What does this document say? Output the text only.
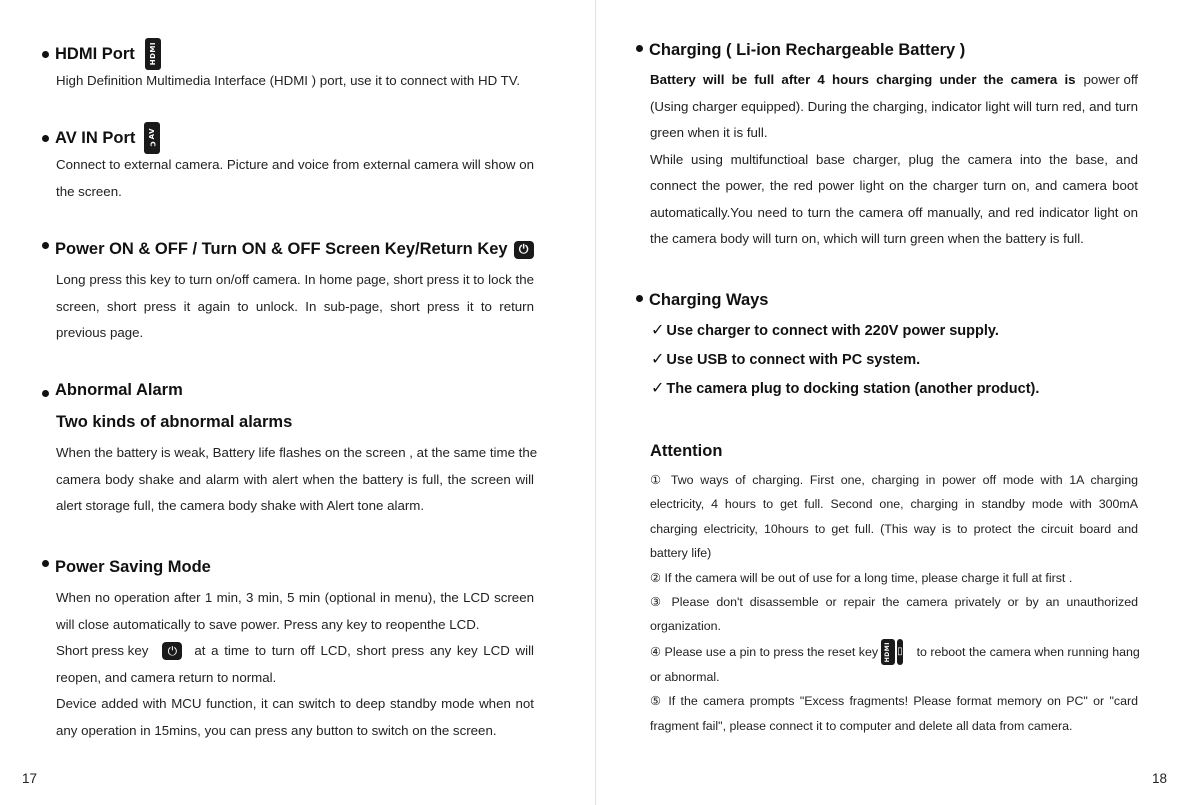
HDMI Port HDMI
High Definition Multimedia Interface (HDMI ) port, use it to connect with HD TV.
AV IN Port AV
C
Connect to external camera. Picture and voice from external camera will show on
the screen.
Power ON & OFF / Turn ON & OFF Screen Key/Return Key ⏻
Long press this key to turn on/off camera. In home page, short press it to lock the
screen, short press it again to unlock. In sub-page, short press it to return
previous page.
Abnormal Alarm
Two kinds of abnormal alarms
When the battery is weak, Battery life flashes on the screen , at the same time the
camera body shake and alarm with alert when the battery is full, the screen will
alert storage full, the camera body shake with Alert tone alarm.
Power Saving Mode
When no operation after 1 min, 3 min, 5 min (optional in menu), the LCD screen
will close automatically to save power. Press any key to reopenthe LCD.
Short press key	⏻	at a time to turn off LCD, short press any key LCD will
reopen, and camera return to normal.
Device added with MCU function, it can switch to deep standby mode when not
any operation in 15mins, you can press any button to switch on the screen.
17
Charging ( Li-ion Rechargeable Battery )
Battery will be full after 4 hours charging under the camera is power off
(Using charger equipped). During the charging, indicator light will turn red, and turn
green when it is full.
While using multifunctioal base charger, plug the camera into the base, and
connect the power, the red power light on the charger turn on, and camera boot
automatically.You need to turn the camera off manually, and red indicator light on
the camera body will turn on, which will turn green when the battery is full.
Charging Ways
✓ Use charger to connect with 220V power supply.
✓ Use USB to connect with PC system.
✓ The camera plug to docking station (another product).
Attention
① Two ways of charging. First one, charging in power off mode with 1A charging
electricity, 4 hours to get full. Second one, charging in standby mode with 300mA
charging electricity, 10hours to get full. (This way is to protect the circuit board and
battery life)
② If the camera will be out of use for a long time, please charge it full at first .
③ Please don't disassemble or repair the camera privately or by an unauthorized
organization.
④ Please use a pin to press the reset key HDMI ▯ to reboot the camera when running hang
or abnormal.
⑤ If the camera prompts "Excess fragments! Please format memory on PC" or "card
fragment fail", please connect it to computer and delete all data from camera.
18
